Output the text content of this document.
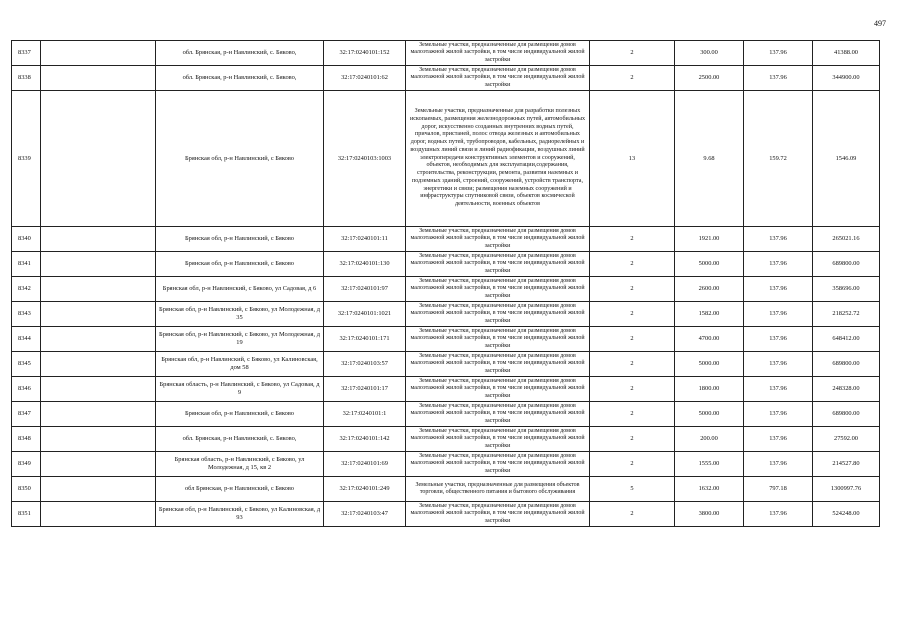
497
8337		обл. Брянская, р-н Навлинский, с. Бяково,	32:17:0240101:152	Земельные участки, предназначенные для размещения домов малоэтажной жилой застройки, в том числе индивидуальной жилой застройки	2	300.00	137.96	41388.00
8338		обл. Брянская, р-н Навлинский, с. Бяково,	32:17:0240101:62	Земельные участки, предназначенные для размещения домов малоэтажной жилой застройки, в том числе индивидуальной жилой застройки	2	2500.00	137.96	344900.00
8339		Брянская обл, р-н Навлинский, с Бяково	32:17:0240103:1003	Земельные участки, предназначенные для разработки полезных ископаемых, размещения железнодорожных путей, автомобильных дорог, искусственно созданных внутренних водных путей, причалов, пристаней, полос отвода железных и автомобильных дорог, водных путей, трубопроводов, кабельных, радиорелейных и воздушных линий связи и линий радиофикации, воздушных линий электропередачи конструктивных элементов и сооружений, объектов, необходимых для эксплуатации,содержания, строительства, реконструкции, ремонта, развития наземных и подземных зданий, строений, сооружений, устройств транспорта, энергетики и связи; размещения наземных сооружений и инфраструктуры спутниковой связи, объектов космической деятельности, военных объектов	13	9.68	159.72	1546.09
8340		Брянская обл, р-н Навлинский, с Бяково	32:17:0240101:11	Земельные участки, предназначенные для размещения домов малоэтажной жилой застройки, в том числе индивидуальной жилой застройки	2	1921.00	137.96	265021.16
8341		Брянская обл, р-н Навлинский, с Бяково	32:17:0240101:130	Земельные участки, предназначенные для размещения домов малоэтажной жилой застройки, в том числе индивидуальной жилой застройки	2	5000.00	137.96	689800.00
8342		Брянская обл, р-н Навлинский, с Бяково, ул Садовая, д 6	32:17:0240101:97	Земельные участки, предназначенные для размещения домов малоэтажной жилой застройки, в том числе индивидуальной жилой застройки	2	2600.00	137.96	358696.00
8343		Брянская обл, р-н Навлинский, с Бяково, ул Молодежная, д 35	32:17:0240101:1021	Земельные участки, предназначенные для размещения домов малоэтажной жилой застройки, в том числе индивидуальной жилой застройки	2	1582.00	137.96	218252.72
8344		Брянская обл, р-н Навлинский, с Бяково, ул Молодежная, д 19	32:17:0240101:171	Земельные участки, предназначенные для размещения домов малоэтажной жилой застройки, в том числе индивидуальной жилой застройки	2	4700.00	137.96	648412.00
8345		Брянская обл, р-н Навлинский, с Бяково, ул Калиновская, дом 58	32:17:0240103:57	Земельные участки, предназначенные для размещения домов малоэтажной жилой застройки, в том числе индивидуальной жилой застройки	2	5000.00	137.96	689800.00
8346		Брянская область, р-н Навлинский, с Бяково, ул Садовая, д 9	32:17:0240101:17	Земельные участки, предназначенные для размещения домов малоэтажной жилой застройки, в том числе индивидуальной жилой застройки	2	1800.00	137.96	248328.00
8347		Брянская обл, р-н Навлинский, с Бяково	32:17:0240101:1	Земельные участки, предназначенные для размещения домов малоэтажной жилой застройки, в том числе индивидуальной жилой застройки	2	5000.00	137.96	689800.00
8348		обл. Брянская, р-н Навлинский, с. Бяково,	32:17:0240101:142	Земельные участки, предназначенные для размещения домов малоэтажной жилой застройки, в том числе индивидуальной жилой застройки	2	200.00	137.96	27592.00
8349		Брянская область, р-н Навлинский, с Бяково, ул Молодежная, д 15, кв 2	32:17:0240101:69	Земельные участки, предназначенные для размещения домов малоэтажной жилой застройки, в том числе индивидуальной жилой застройки	2	1555.00	137.96	214527.80
8350		обл Брянская, р-н Навлинский, с Бяково	32:17:0240101:249	Земельные участки, предназначенные для размещения объектов торговли, общественного питания и бытового обслуживания	5	1632.00	797.18	1300997.76
8351		Брянская обл, р-н Навлинский, с Бяково, ул Калиновская, д 93	32:17:0240103:47	Земельные участки, предназначенные для размещения домов малоэтажной жилой застройки, в том числе индивидуальной жилой застройки	2	3800.00	137.96	524248.00
